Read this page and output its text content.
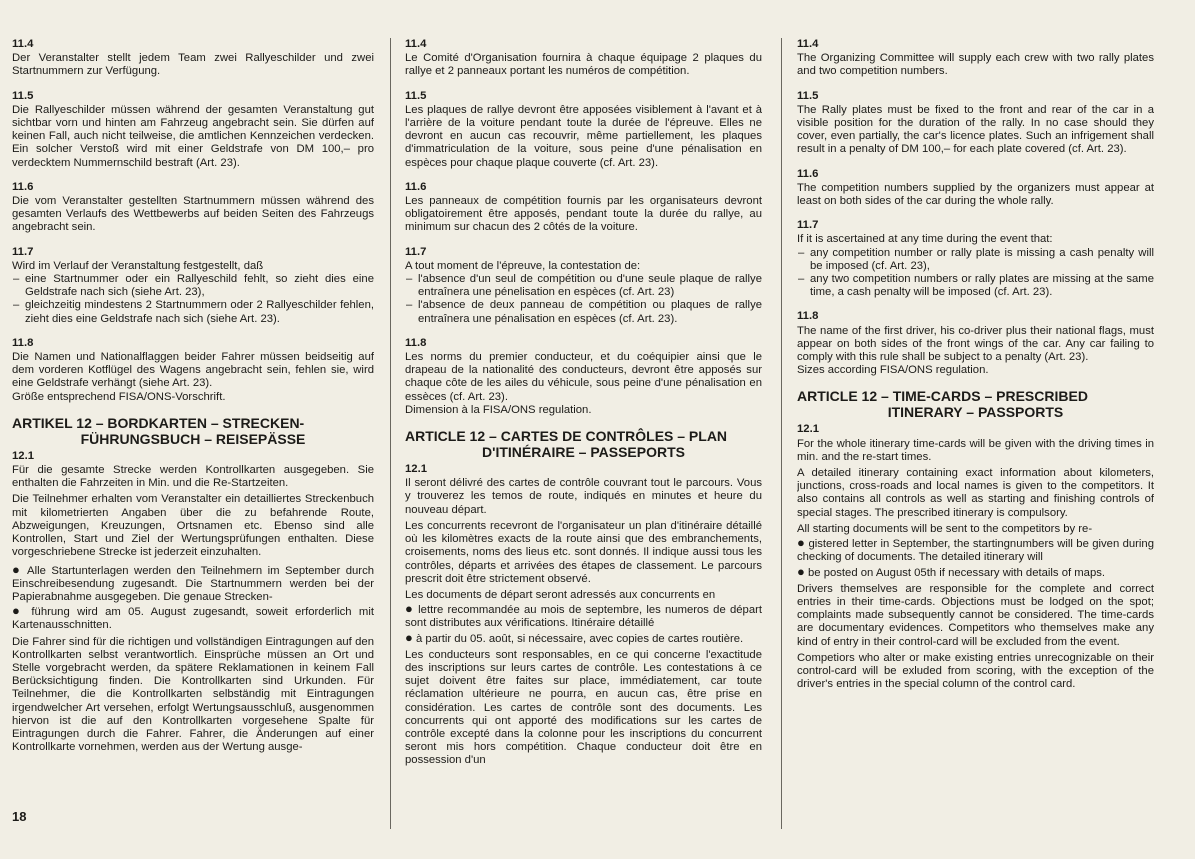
11.4
Der Veranstalter stellt jedem Team zwei Rallyeschilder und zwei Startnummern zur Verfügung.
11.5
Die Rallyeschilder müssen während der gesamten Veranstaltung gut sichtbar vorn und hinten am Fahrzeug angebracht sein. Sie dürfen auf keinen Fall, auch nicht teilweise, die amtlichen Kennzeichen verdecken. Ein solcher Verstoß wird mit einer Geldstrafe von DM 100,– pro verdecktem Nummernschild bestraft (Art. 23).
11.6
Die vom Veranstalter gestellten Startnummern müssen während des gesamten Verlaufs des Wettbewerbs auf beiden Seiten des Fahrzeugs angebracht sein.
11.7
Wird im Verlauf der Veranstaltung festgestellt, daß
– eine Startnummer oder ein Rallyeschild fehlt, so zieht dies eine Geldstrafe nach sich (siehe Art. 23),
– gleichzeitig mindestens 2 Startnummern oder 2 Rallyeschilder fehlen, zieht dies eine Geldstrafe nach sich (siehe Art. 23).
11.8
Die Namen und Nationalflaggen beider Fahrer müssen beidseitig auf dem vorderen Kotflügel des Wagens angebracht sein, fehlen sie, wird eine Geldstrafe verhängt (siehe Art. 23).
Größe entsprechend FISA/ONS-Vorschrift.
ARTIKEL 12 – BORDKARTEN – STRECKEN-
FÜHRUNGSBUCH – REISEPÄSSE
12.1
Für die gesamte Strecke werden Kontrollkarten ausgegeben. Sie enthalten die Fahrzeiten in Min. und die Re-Startzeiten.
Die Teilnehmer erhalten vom Veranstalter ein detailliertes Streckenbuch mit kilometrierten Angaben über die zu befahrende Route, Abzweigungen, Kreuzungen, Ortsnamen etc. Ebenso sind alle Kontrollen, Start und Ziel der Wertungsprüfungen enthalten. Diese vorgeschriebene Strecke ist jederzeit einzuhalten.
● Alle Startunterlagen werden den Teilnehmern im September durch Einschreibesendung zugesandt. Die Startnummern werden bei der Papierabnahme ausgegeben. Die genaue Strecken-
● führung wird am 05. August zugesandt, soweit erforderlich mit Kartenausschnitten.
Die Fahrer sind für die richtigen und vollständigen Eintragungen auf den Kontrollkarten selbst verantwortlich. Einsprüche müssen an Ort und Stelle vorgebracht werden, da spätere Reklamationen in keinem Fall Berücksichtigung finden. Die Kontrollkarten sind Urkunden. Für Teilnehmer, die die Kontrollkarten selbständig mit Eintragungen irgendwelcher Art versehen, erfolgt Wertungsausschluß, ausgenommen hiervon ist die auf den Kontrollkarten vorgesehene Spalte für Eintragungen durch die Fahrer. Fahrer, die Änderungen auf einer Kontrollkarte vornehmen, werden aus der Wertung ausge-
11.4
Le Comité d'Organisation fournira à chaque équipage 2 plaques du rallye et 2 panneaux portant les numéros de compétition.
11.5
Les plaques de rallye devront être apposées visiblement à l'avant et à l'arrière de la voiture pendant toute la durée de l'épreuve. Elles ne devront en aucun cas recouvrir, même partiellement, les plaques d'immatriculation de la voiture, sous peine d'une pénalisation en espèces pour chaque plaque couverte (cf. Art. 23).
11.6
Les panneaux de compétition fournis par les organisateurs devront obligatoirement être apposés, pendant toute la durée du rallye, au minimum sur chacun des 2 côtés de la voiture.
11.7
A tout moment de l'épreuve, la contestation de:
– l'absence d'un seul de compétition ou d'une seule plaque de rallye entraînera une pénelisation en espèces (cf. Art. 23)
– l'absence de deux panneau de compétition ou plaques de rallye entraînera une pénalisation en espèces (cf. Art. 23).
11.8
Les norms du premier conducteur, et du coéquipier ainsi que le drapeau de la nationalité des conducteurs, devront être apposés sur chaque côte de les ailes du véhicule, sous peine d'une pénalisation en essèces (cf. Art. 23).
Dimension à la FISA/ONS regulation.
ARTICLE 12 – CARTES DE CONTRÔLES – PLAN
D'ITINÉRAIRE – PASSEPORTS
12.1
Il seront délivré des cartes de contrôle couvrant tout le parcours. Vous y trouverez les temos de route, indiqués en minutes et heure du nouveau départ.
Les concurrents recevront de l'organisateur un plan d'itinéraire détaillé où les kilomètres exacts de la route ainsi que des embranchements, croisements, noms des lieus etc. sont donnés. Il indique aussi tous les contrôles, départs et arrivées des étapes de classement. Le parcours prescrit doit être strictement observé.
Les documents de départ seront adressés aux concurrents en
● lettre recommandée au mois de septembre, les numeros de départ sont distributes aux vérifications. Itinéraire détaillé
● à partir du 05. août, si nécessaire, avec copies de cartes routière.
Les conducteurs sont responsables, en ce qui concerne l'exactitude des inscriptions sur leurs cartes de contrôle. Les contestations à ce sujet doivent être faites sur place, immédiatement, car toute réclamation ultérieure ne pourra, en aucun cas, être prise en considération. Les cartes de contrôle sont des documents. Les concurrents qui ont apporté des modifications sur les cartes de contrôle excepté dans la colonne pour les inscriptions du concurrent seront mis hors compétition. Chaque conducteur doit être en possession d'un
11.4
The Organizing Committee will supply each crew with two rally plates and two competition numbers.
11.5
The Rally plates must be fixed to the front and rear of the car in a visible position for the duration of the rally. In no case should they cover, even partially, the car's licence plates. Such an infrigement shall result in a penalty of DM 100,– for each plate covered (cf. Art. 23).
11.6
The competition numbers supplied by the organizers must appear at least on both sides of the car during the whole rally.
11.7
If it is ascertained at any time during the event that:
– any competition number or rally plate is missing a cash penalty will be imposed (cf. Art. 23),
– any two competition numbers or rally plates are missing at the same time, a cash penalty will be imposed (cf. Art. 23).
11.8
The name of the first driver, his co-driver plus their national flags, must appear on both sides of the front wings of the car. Any car failing to comply with this rule shall be subject to a penalty (Art. 23).
Sizes according FISA/ONS regulation.
ARTICLE 12 – TIME-CARDS – PRESCRIBED
ITINERARY – PASSPORTS
12.1
For the whole itinerary time-cards will be given with the driving times in min. and the re-start times.
A detailed itinerary containing exact information about kilometers, junctions, cross-roads and local names is given to the competitors. It also contains all controls as well as starting and finishing controls of special stages. The prescribed itinerary is compulsory.
All starting documents will be sent to the competitors by re-
● gistered letter in September, the startingnumbers will be given during checking of documents. The detailed itinerary will
● be posted on August 05th if necessary with details of maps.
Drivers themselves are responsible for the complete and correct entries in their time-cards. Objections must be lodged on the spot; complaints made subsequently cannot be considered. The time-cards are documentary evidences. Competitors who themselves make any kind of entry in their control-card will be excluded from the event.
Competiors who alter or make existing entries unrecognizable on their control-card will be exluded from scoring, with the exception of the driver's entries in the special column of the control card.
18
